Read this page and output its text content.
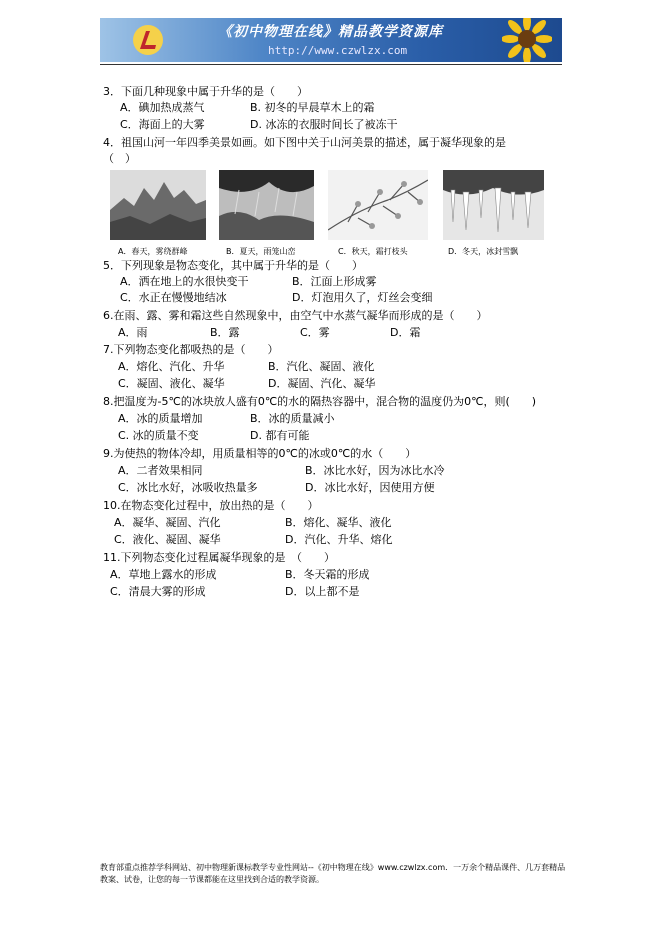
《初中物理在线》精品教学资源库
http://www.czwlzx.com
3．下面几种现象中属于升华的是（　　）
A．碘加热成蒸气	B. 初冬的早晨草木上的霜
C．海面上的大雾	D. 冰冻的衣服时间长了被冻干
4．祖国山河一年四季美景如画。如下图中关于山河美景的描述，属于凝华现象的是
（　）
A．春天，雾绕群峰	B．夏天，雨笼山峦	C．秋天，霜打枝头	D．冬天，冰封雪飘
5．下列现象是物态变化，其中属于升华的是（　　）
A．洒在地上的水很快变干	B．江面上形成雾
C．水正在慢慢地结冰	D．灯泡用久了，灯丝会变细
6.在雨、露、雾和霜这些自然现象中，由空气中水蒸气凝华而形成的是（　　）
A．雨	B．露	C．雾	D．霜
7.下列物态变化都吸热的是（　　）
A．熔化、汽化、升华	B．汽化、凝固、液化
C．凝固、液化、凝华	D．凝固、汽化、凝华
8.把温度为-5℃的冰块放人盛有0℃的水的隔热容器中，混合物的温度仍为0℃，则(　　)
A．冰的质量增加	B．冰的质量减小
C. 冰的质量不变	D. 都有可能
9.为使热的物体冷却，用质量相等的0℃的冰或0℃的水（　　）
A．二者效果相同	B．冰比水好，因为冰比水冷
C．冰比水好，冰吸收热量多	D．冰比水好，因使用方便
10.在物态变化过程中，放出热的是（　　）
A．凝华、凝固、汽化	B．熔化、凝华、液化
C．液化、凝固、凝华	D．汽化、升华、熔化
11.下列物态变化过程属凝华现象的是　（　　）
A．草地上露水的形成	B．冬天霜的形成
C．清晨大雾的形成	D．以上都不是
教育部重点推荐学科网站、初中物理新课标教学专业性网站--《初中物理在线》www.czwlzx.com．一万余个精品课件、几万套精品教案、试卷，让您的每一节课都能在这里找到合适的教学资源。
